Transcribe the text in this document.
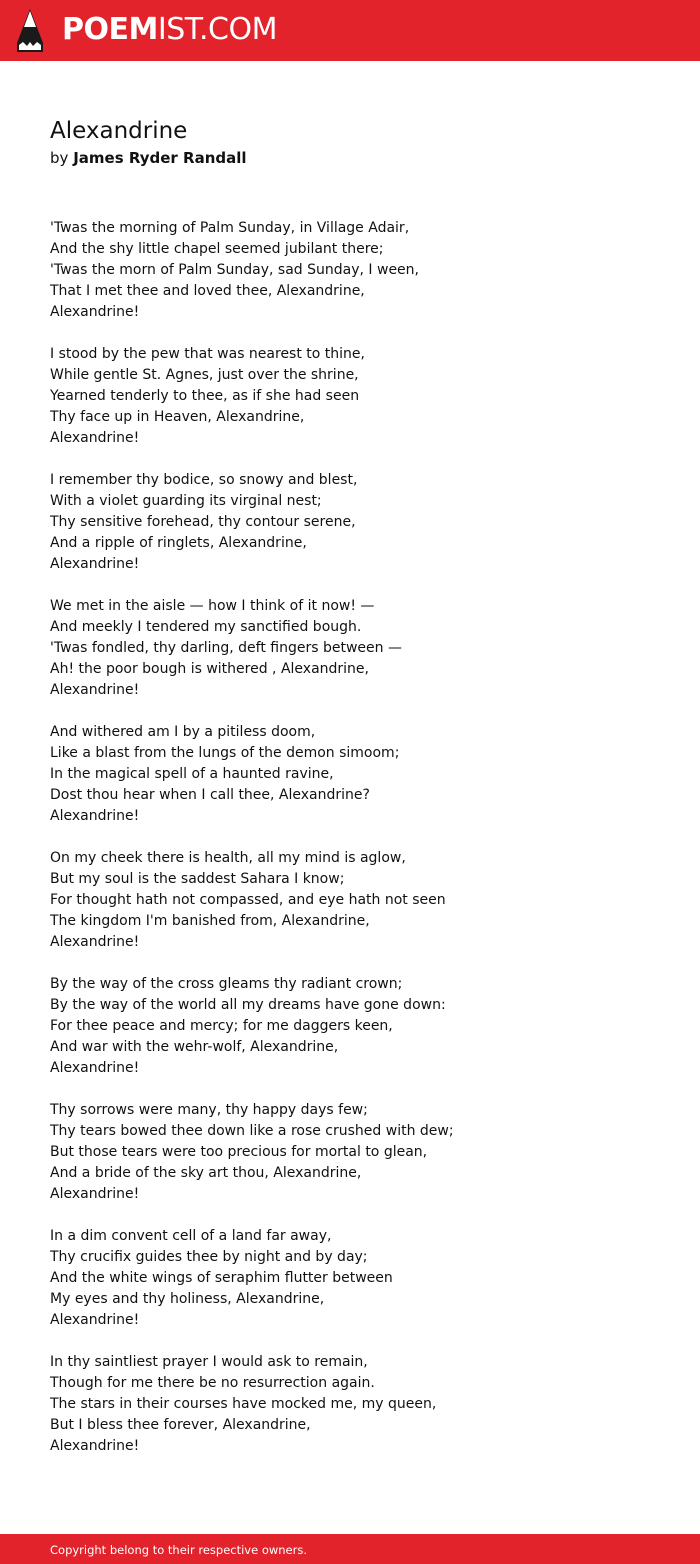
POEMIST.COM
Alexandrine
by James Ryder Randall
'Twas the morning of Palm Sunday, in Village Adair,
And the shy little chapel seemed jubilant there;
'Twas the morn of Palm Sunday, sad Sunday, I ween,
That I met thee and loved thee, Alexandrine,
Alexandrine!
I stood by the pew that was nearest to thine,
While gentle St. Agnes, just over the shrine,
Yearned tenderly to thee, as if she had seen
Thy face up in Heaven, Alexandrine,
Alexandrine!
I remember thy bodice, so snowy and blest,
With a violet guarding its virginal nest;
Thy sensitive forehead, thy contour serene,
And a ripple of ringlets, Alexandrine,
Alexandrine!
We met in the aisle — how I think of it now! —
And meekly I tendered my sanctified bough.
'Twas fondled, thy darling, deft fingers between —
Ah! the poor bough is withered , Alexandrine,
Alexandrine!
And withered am I by a pitiless doom,
Like a blast from the lungs of the demon simoom;
In the magical spell of a haunted ravine,
Dost thou hear when I call thee, Alexandrine?
Alexandrine!
On my cheek there is health, all my mind is aglow,
But my soul is the saddest Sahara I know;
For thought hath not compassed, and eye hath not seen
The kingdom I'm banished from, Alexandrine,
Alexandrine!
By the way of the cross gleams thy radiant crown;
By the way of the world all my dreams have gone down:
For thee peace and mercy; for me daggers keen,
And war with the wehr-wolf, Alexandrine,
Alexandrine!
Thy sorrows were many, thy happy days few;
Thy tears bowed thee down like a rose crushed with dew;
But those tears were too precious for mortal to glean,
And a bride of the sky art thou, Alexandrine,
Alexandrine!
In a dim convent cell of a land far away,
Thy crucifix guides thee by night and by day;
And the white wings of seraphim flutter between
My eyes and thy holiness, Alexandrine,
Alexandrine!
In thy saintliest prayer I would ask to remain,
Though for me there be no resurrection again.
The stars in their courses have mocked me, my queen,
But I bless thee forever, Alexandrine,
Alexandrine!
Copyright belong to their respective owners.
